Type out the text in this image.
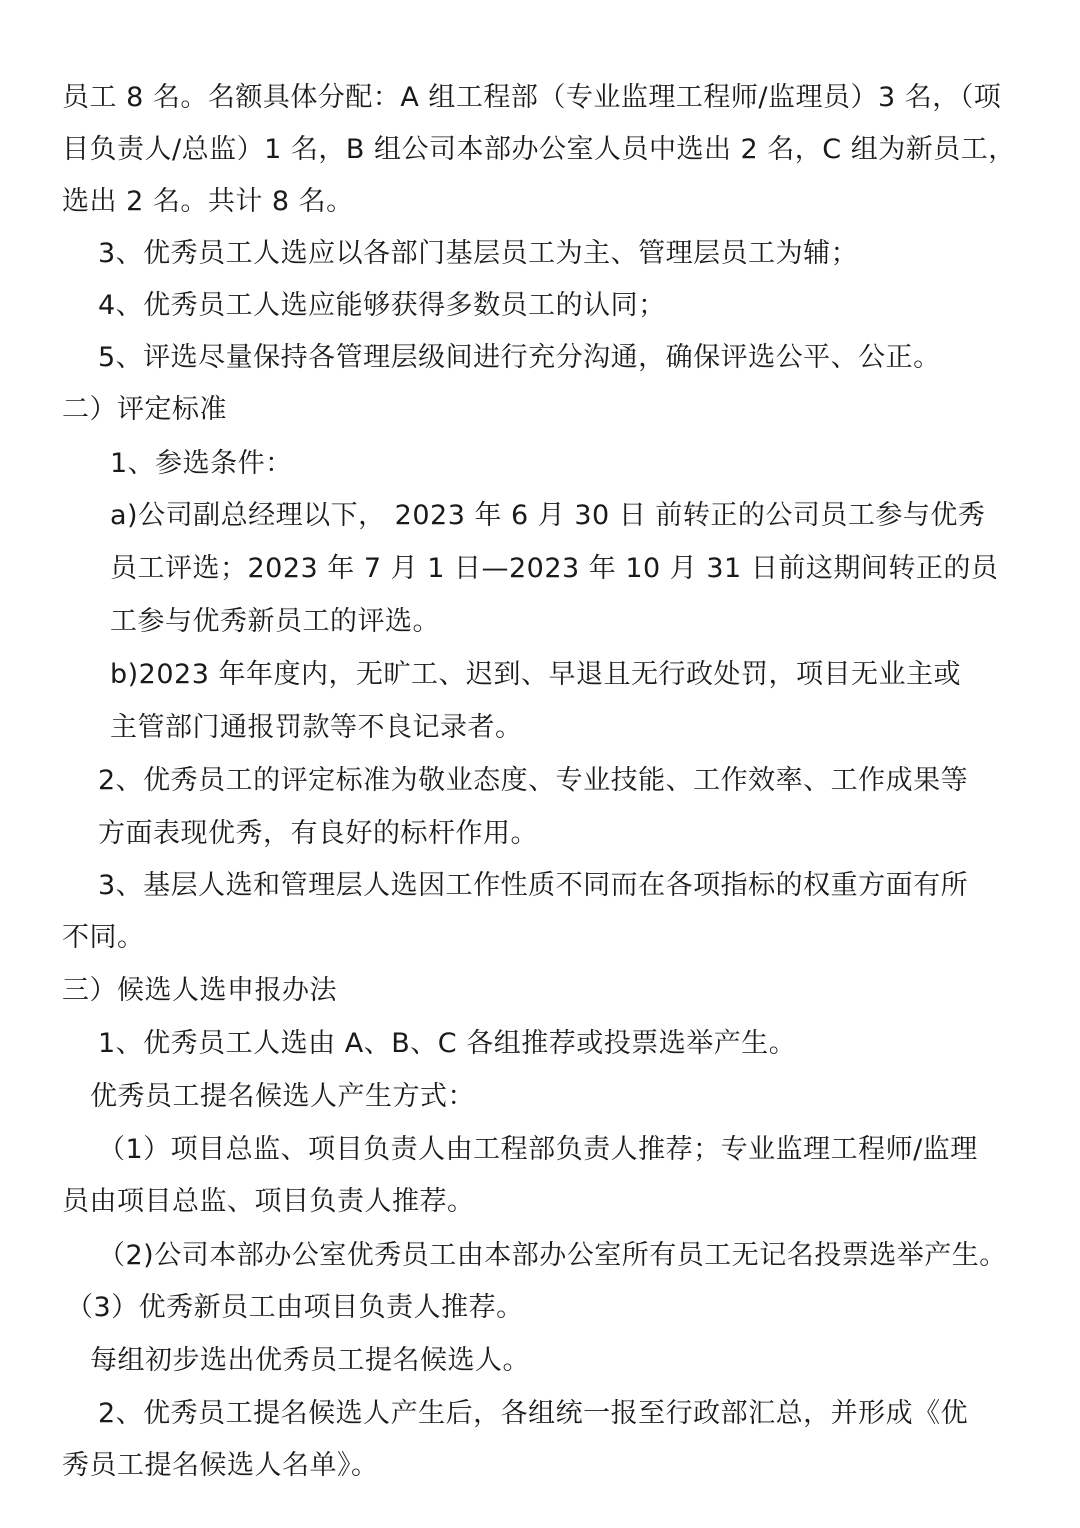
员工 8 名。名额具体分配：A 组工程部（专业监理工程师/监理员）3 名，（项
目负责人/总监）1 名，B 组公司本部办公室人员中选出 2 名，C 组为新员工，
选出 2 名。共计 8 名。
3、优秀员工人选应以各部门基层员工为主、管理层员工为辅；
4、优秀员工人选应能够获得多数员工的认同；
5、评选尽量保持各管理层级间进行充分沟通，确保评选公平、公正。
二）评定标准
1、参选条件：
a)公司副总经理以下， 2023 年 6 月 30 日 前转正的公司员工参与优秀
员工评选；2023 年 7 月 1 日—2023 年 10 月 31 日前这期间转正的员
工参与优秀新员工的评选。
b)2023 年年度内，无旷工、迟到、早退且无行政处罚，项目无业主或
主管部门通报罚款等不良记录者。
2、优秀员工的评定标准为敬业态度、专业技能、工作效率、工作成果等
方面表现优秀，有良好的标杆作用。
3、基层人选和管理层人选因工作性质不同而在各项指标的权重方面有所
不同。
三）候选人选申报办法
1、优秀员工人选由 A、B、C 各组推荐或投票选举产生。
优秀员工提名候选人产生方式：
（1）项目总监、项目负责人由工程部负责人推荐；专业监理工程师/监理
员由项目总监、项目负责人推荐。
（2)公司本部办公室优秀员工由本部办公室所有员工无记名投票选举产生。
（3）优秀新员工由项目负责人推荐。
每组初步选出优秀员工提名候选人。
2、优秀员工提名候选人产生后，各组统一报至行政部汇总，并形成《优
秀员工提名候选人名单》。
